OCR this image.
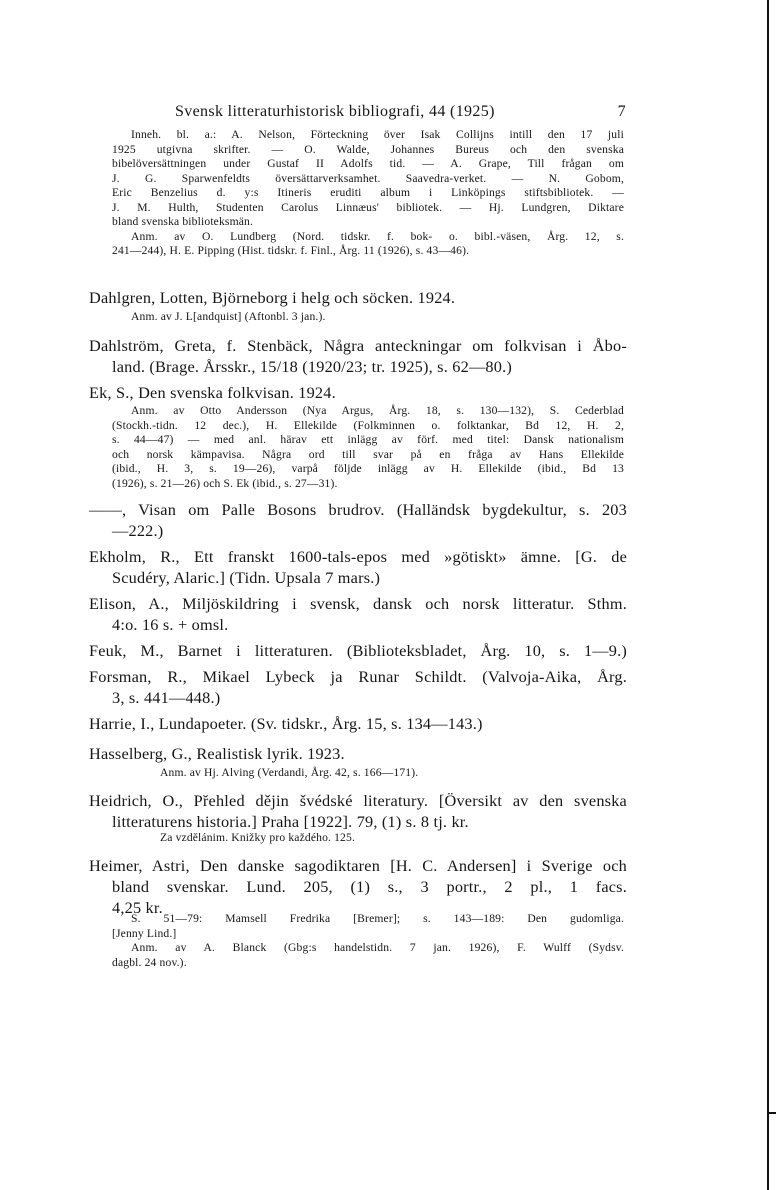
Svensk litteraturhistorisk bibliografi, 44 (1925)	7
Inneh. bl. a.: A. Nelson, Förteckning över Isak Collijns intill den 17 juli
1925 utgivna skrifter. — O. Walde, Johannes Bureus och den svenska
bibelöversättningen under Gustaf II Adolfs tid. — A. Grape, Till frågan om
J. G. Sparwenfeldts översättarverksamhet. Saavedra-verket. — N. Gobom,
Eric Benzelius d. y:s Itineris eruditi album i Linköpings stiftsbibliotek. —
J. M. Hulth, Studenten Carolus Linnæus' bibliotek. — Hj. Lundgren, Diktare
bland svenska biblioteksmän.
Anm. av O. Lundberg (Nord. tidskr. f. bok- o. bibl.-väsen, Årg. 12, s.
241—244), H. E. Pipping (Hist. tidskr. f. Finl., Årg. 11 (1926), s. 43—46).
Dahlgren, Lotten, Björneborg i helg och söcken. 1924.
Anm. av J. L[andquist] (Aftonbl. 3 jan.).
Dahlström, Greta, f. Stenbäck, Några anteckningar om folkvisan i Åbo-
land. (Brage. Årsskr., 15/18 (1920/23; tr. 1925), s. 62—80.)
Ek, S., Den svenska folkvisan. 1924.
Anm. av Otto Andersson (Nya Argus, Årg. 18, s. 130—132), S. Cederblad
(Stockh.-tidn. 12 dec.), H. Ellekilde (Folkminnen o. folktankar, Bd 12, H. 2,
s. 44—47) — med anl. härav ett inlägg av förf. med titel: Dansk nationalism
och norsk kämpavisa. Några ord till svar på en fråga av Hans Ellekilde
(ibid., H. 3, s. 19—26), varpå följde inlägg av H. Ellekilde (ibid., Bd 13
(1926), s. 21—26) och S. Ek (ibid., s. 27—31).
——, Visan om Palle Bosons brudrov. (Halländsk bygdekultur, s. 203
—222.)
Ekholm, R., Ett franskt 1600-tals-epos med »götiskt» ämne. [G. de
Scudéry, Alaric.] (Tidn. Upsala 7 mars.)
Elison, A., Miljöskildring i svensk, dansk och norsk litteratur. Sthm.
4:o. 16 s. + omsl.
Feuk, M., Barnet i litteraturen. (Biblioteksbladet, Årg. 10, s. 1—9.)
Forsman, R., Mikael Lybeck ja Runar Schildt. (Valvoja-Aika, Årg.
3, s. 441—448.)
Harrie, I., Lundapoeter. (Sv. tidskr., Årg. 15, s. 134—143.)
Hasselberg, G., Realistisk lyrik. 1923.
Anm. av Hj. Alving (Verdandi, Årg. 42, s. 166—171).
Heidrich, O., Přehled dějin švédské literatury. [Översikt av den svenska
litteraturens historia.] Praha [1922]. 79, (1) s. 8 tj. kr.
Za vzdělánim. Knižky pro každého. 125.
Heimer, Astri, Den danske sagodiktaren [H. C. Andersen] i Sverige och
bland svenskar. Lund. 205, (1) s., 3 portr., 2 pl., 1 facs.
4,25 kr.
S. 51—79: Mamsell Fredrika [Bremer]; s. 143—189: Den gudomliga.
[Jenny Lind.]
Anm. av A. Blanck (Gbg:s handelstidn. 7 jan. 1926), F. Wulff (Sydsv.
dagbl. 24 nov.).
